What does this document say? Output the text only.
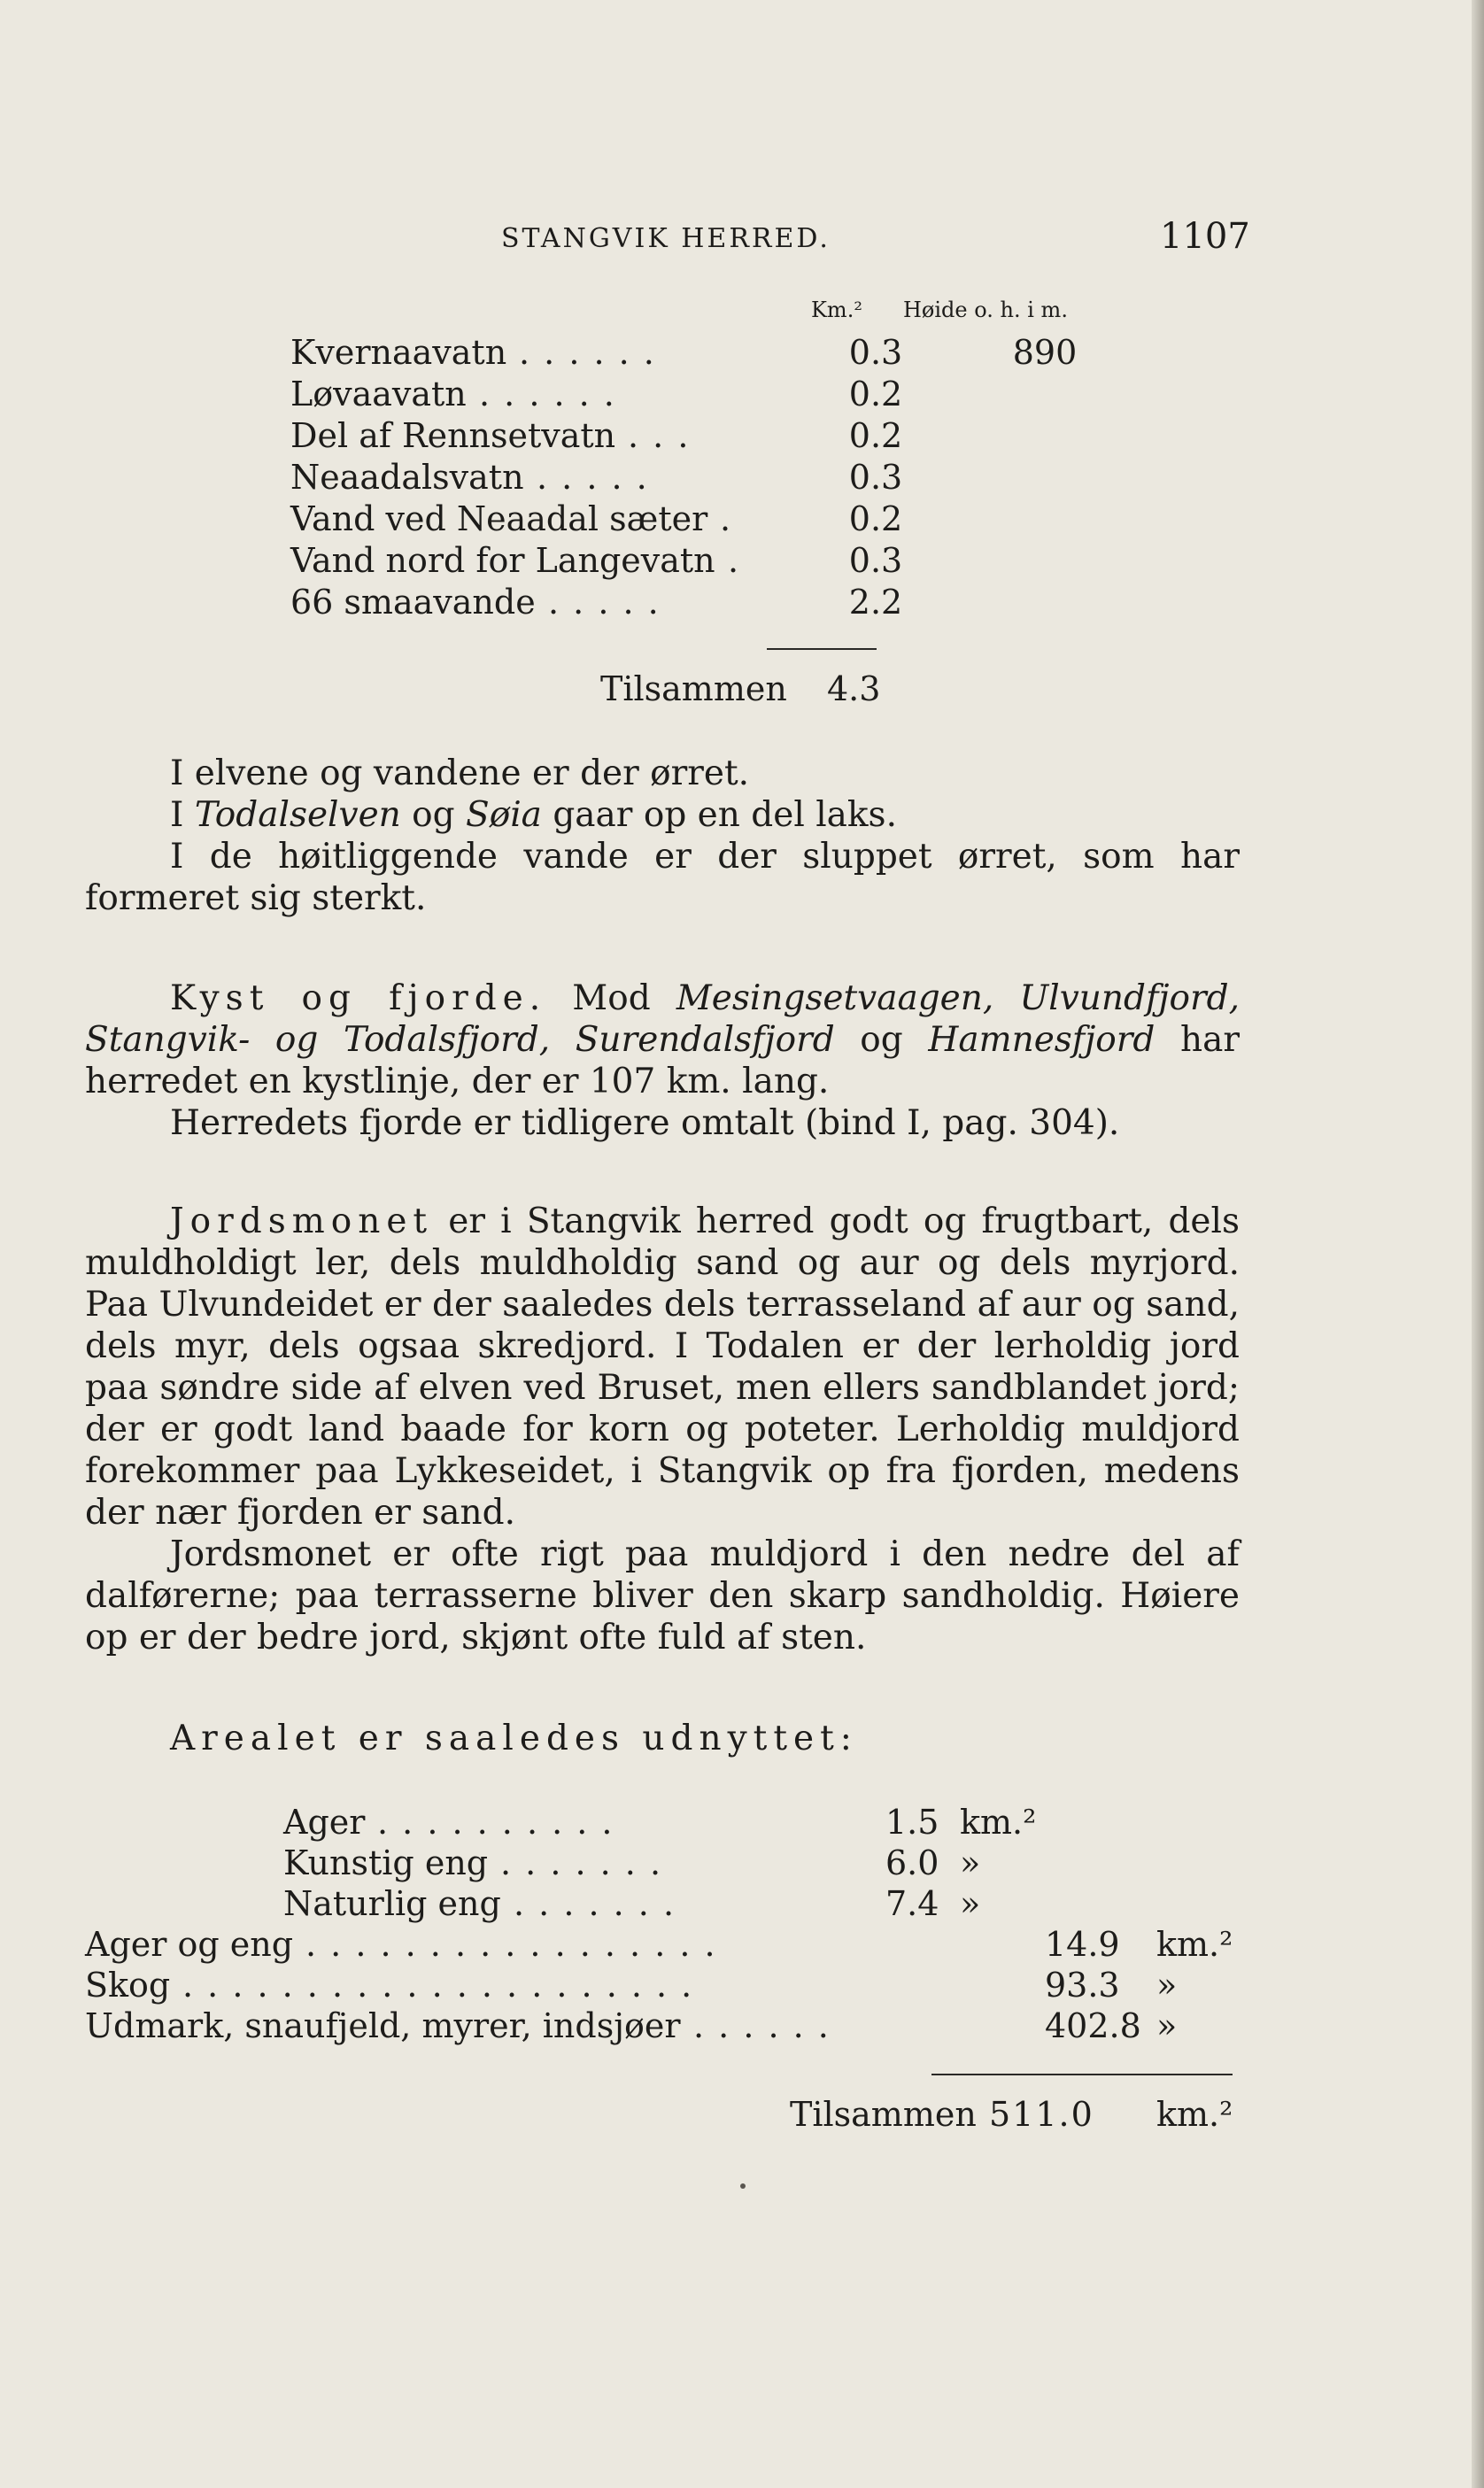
STANGVIK HERRED.	1107
Km.² Høide o. h. i m.
Kvernaavatn . . . . . .	0.3	890
Løvaavatn . . . . . .	0.2
Del af Rennsetvatn . . .	0.2
Neaadalsvatn . . . . .	0.3
Vand ved Neaadal sæter .	0.2
Vand nord for Langevatn .	0.3
66 smaavande . . . . .	2.2
Tilsammen 4.3

I elvene og vandene er der ørret.

I Todalselven og Søia gaar op en del laks.

I de høitliggende vande er der sluppet ørret, som har formeret sig sterkt.

Kyst og fjorde. Mod Mesingsetvaagen, Ulvundfjord, Stangvik- og Todalsfjord, Surendalsfjord og Hamnesfjord har herredet en kystlinje, der er 107 km. lang.

Herredets fjorde er tidligere omtalt (bind I, pag. 304).

Jordsmonet er i Stangvik herred godt og frugtbart, dels muldholdigt ler, dels muldholdig sand og aur og dels myrjord. Paa Ulvundeidet er der saaledes dels terrasseland af aur og sand, dels myr, dels ogsaa skredjord. I Todalen er der lerholdig jord paa søndre side af elven ved Bruset, men ellers sandblandet jord; der er godt land baade for korn og poteter. Lerholdig muldjord forekommer paa Lykkeseidet, i Stangvik op fra fjorden, medens der nær fjorden er sand.

Jordsmonet er ofte rigt paa muldjord i den nedre del af dalførerne; paa terrasserne bliver den skarp sandholdig. Høiere op er der bedre jord, skjønt ofte fuld af sten.

Arealet er saaledes udnyttet:

Ager . . . . . . . . . .	1.5 km.²
Kunstig eng . . . . . . .	6.0 »
Naturlig eng . . . . . . .	7.4 »
Ager og eng . . . . . . . . . . . . . . . . .	14.9 km.²
Skog . . . . . . . . . . . . . . . . . . . . .	93.3 »
Udmark, snaufjeld, myrer, indsjøer . . . . . .	402.8 »
Tilsammen 511.0 km.²
